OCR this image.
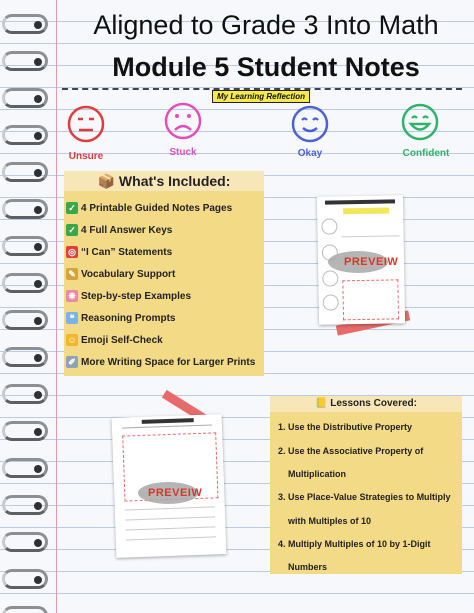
Aligned to Grade 3 Into Math
Module 5 Student Notes
My Learning Reflection
Unsure	Stuck	Okay	Confident
📦 What's Included:
✓ 4 Printable Guided Notes Pages
✓ 4 Full Answer Keys
◎ “I Can” Statements
✎ Vocabulary Support
❋ Step-by-step Examples
❝ Reasoning Prompts
☺ Emoji Self-Check
✐ More Writing Space for Larger Prints
PREVEIW
PREVEIW
📒 Lessons Covered:
1. Use the Distributive Property
2. Use the Associative Property of
Multiplication
3. Use Place-Value Strategies to Multiply
with Multiples of 10
4. Multiply Multiples of 10 by 1-Digit
Numbers
